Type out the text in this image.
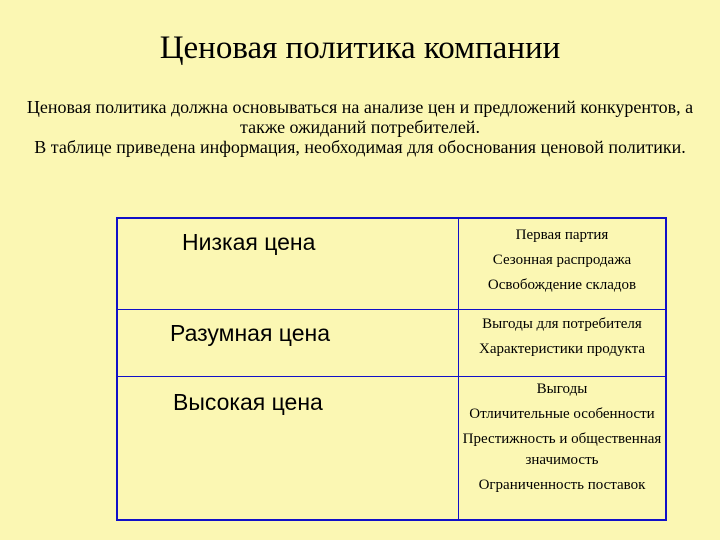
Ценовая политика компании

Ценовая политика должна основываться на анализе цен и предложений конкурентов, а также ожиданий потребителей.

В таблице приведена информация, необходимая для обоснования ценовой политики.

Низкая цена	Первая партия
Сезонная распродажа
Освобождение складов

Разумная цена	Выгоды для потребителя
Характеристики продукта

Высокая цена	Выгоды
Отличительные особенности
Престижность и общественная значимость
Ограниченность поставок
